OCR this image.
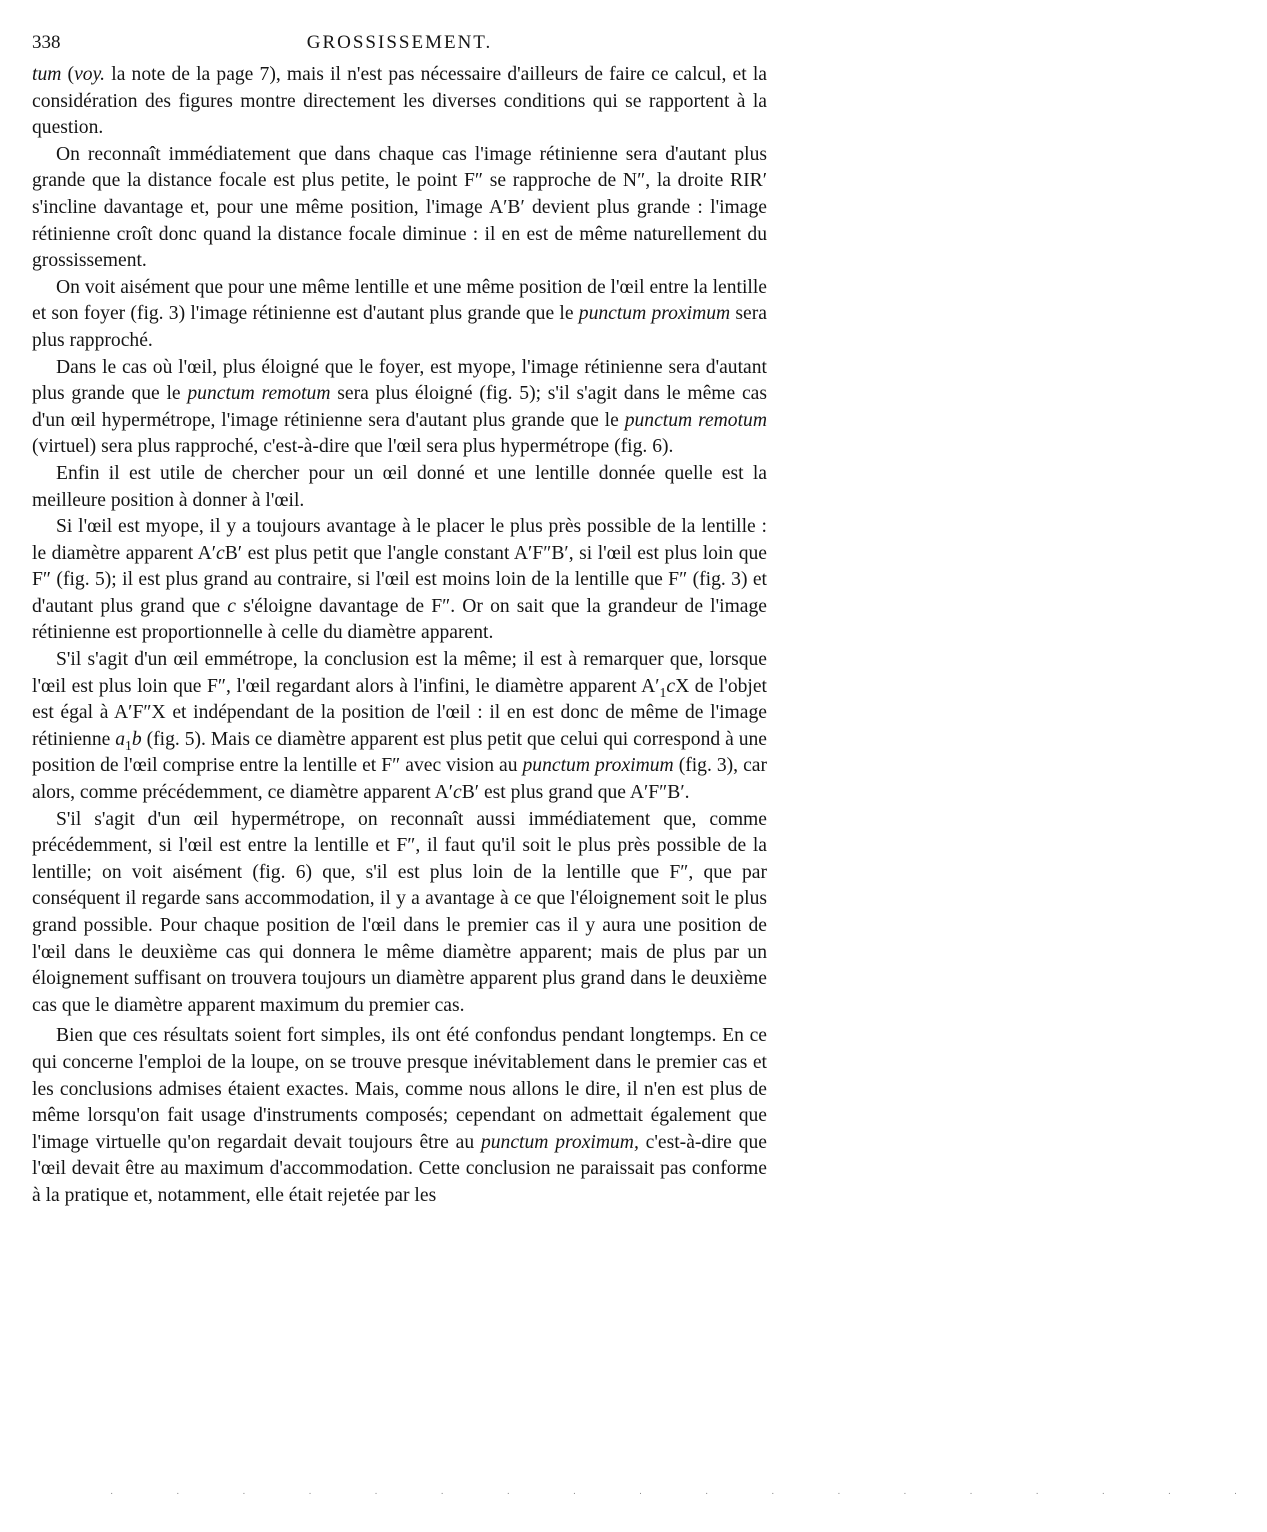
338	GROSSISSEMENT.

tum (voy. la note de la page 7), mais il n'est pas nécessaire d'ailleurs de faire ce calcul, et la considération des figures montre directement les diverses conditions qui se rapportent à la question.

On reconnaît immédiatement que dans chaque cas l'image rétinienne sera d'autant plus grande que la distance focale est plus petite, le point F″ se rapproche de N″, la droite RIR′ s'incline davantage et, pour une même position, l'image A′B′ devient plus grande : l'image rétinienne croît donc quand la distance focale diminue : il en est de même naturellement du grossissement.

On voit aisément que pour une même lentille et une même position de l'œil entre la lentille et son foyer (fig. 3) l'image rétinienne est d'autant plus grande que le punctum proximum sera plus rapproché.

Dans le cas où l'œil, plus éloigné que le foyer, est myope, l'image rétinienne sera d'autant plus grande que le punctum remotum sera plus éloigné (fig. 5); s'il s'agit dans le même cas d'un œil hypermétrope, l'image rétinienne sera d'autant plus grande que le punctum remotum (virtuel) sera plus rapproché, c'est-à-dire que l'œil sera plus hypermétrope (fig. 6).

Enfin il est utile de chercher pour un œil donné et une lentille donnée quelle est la meilleure position à donner à l'œil.

Si l'œil est myope, il y a toujours avantage à le placer le plus près possible de la lentille : le diamètre apparent A′cB′ est plus petit que l'angle constant A′F″B′, si l'œil est plus loin que F″ (fig. 5); il est plus grand au contraire, si l'œil est moins loin de la lentille que F″ (fig. 3) et d'autant plus grand que c s'éloigne davantage de F″. Or on sait que la grandeur de l'image rétinienne est proportionnelle à celle du diamètre apparent.

S'il s'agit d'un œil emmétrope, la conclusion est la même; il est à remarquer que, lorsque l'œil est plus loin que F″, l'œil regardant alors à l'infini, le diamètre apparent $A'_1cX$ de l'objet est égal à A′F″X et indépendant de la position de l'œil : il en est donc de même de l'image rétinienne $a_1b$ (fig. 5). Mais ce diamètre apparent est plus petit que celui qui correspond à une position de l'œil comprise entre la lentille et F″ avec vision au punctum proximum (fig. 3), car alors, comme précédemment, ce diamètre apparent A′cB′ est plus grand que A′F″B′.

S'il s'agit d'un œil hypermétrope, on reconnaît aussi immédiatement que, comme précédemment, si l'œil est entre la lentille et F″, il faut qu'il soit le plus près possible de la lentille; on voit aisément (fig. 6) que, s'il est plus loin de la lentille que F″, que par conséquent il regarde sans accommodation, il y a avantage à ce que l'éloignement soit le plus grand possible. Pour chaque position de l'œil dans le premier cas il y aura une position de l'œil dans le deuxième cas qui donnera le même diamètre apparent; mais de plus par un éloignement suffisant on trouvera toujours un diamètre apparent plus grand dans le deuxième cas que le diamètre apparent maximum du premier cas.

Bien que ces résultats soient fort simples, ils ont été confondus pendant longtemps. En ce qui concerne l'emploi de la loupe, on se trouve presque inévitablement dans le premier cas et les conclusions admises étaient exactes. Mais, comme nous allons le dire, il n'en est plus de même lorsqu'on fait usage d'instruments composés; cependant on admettait également que l'image virtuelle qu'on regardait devait toujours être au punctum proximum, c'est-à-dire que l'œil devait être au maximum d'accommodation. Cette conclusion ne paraissait pas conforme à la pratique et, notamment, elle était rejetée par les

· · · · · · · · · · · · · · · · · ·
